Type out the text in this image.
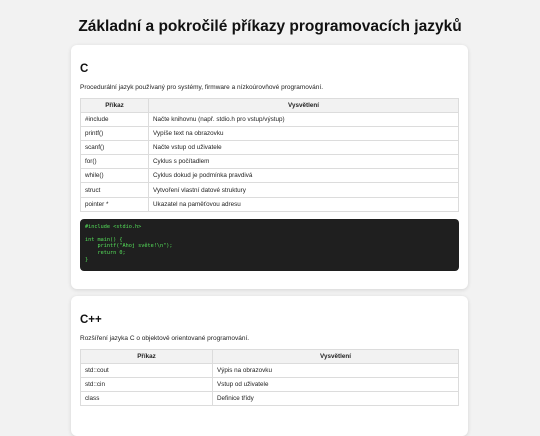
Základní a pokročilé příkazy programovacích jazyků
C

Procedurální jazyk používaný pro systémy, firmware a nízkoúrovňové programování.

Příkaz	Vysvětlení
#include	Načte knihovnu (např. stdio.h pro vstup/výstup)
printf()	Vypíše text na obrazovku
scanf()	Načte vstup od uživatele
for()	Cyklus s počítadlem
while()	Cyklus dokud je podmínka pravdivá
struct	Vytvoření vlastní datové struktury
pointer *	Ukazatel na paměťovou adresu
#include <stdio.h>

int main() {
printf("Ahoj světe!\n");
return 0;
}
C++

Rozšíření jazyka C o objektově orientované programování.

Příkaz	Vysvětlení
std::cout	Výpis na obrazovku
std::cin	Vstup od uživatele
class	Definice třídy
